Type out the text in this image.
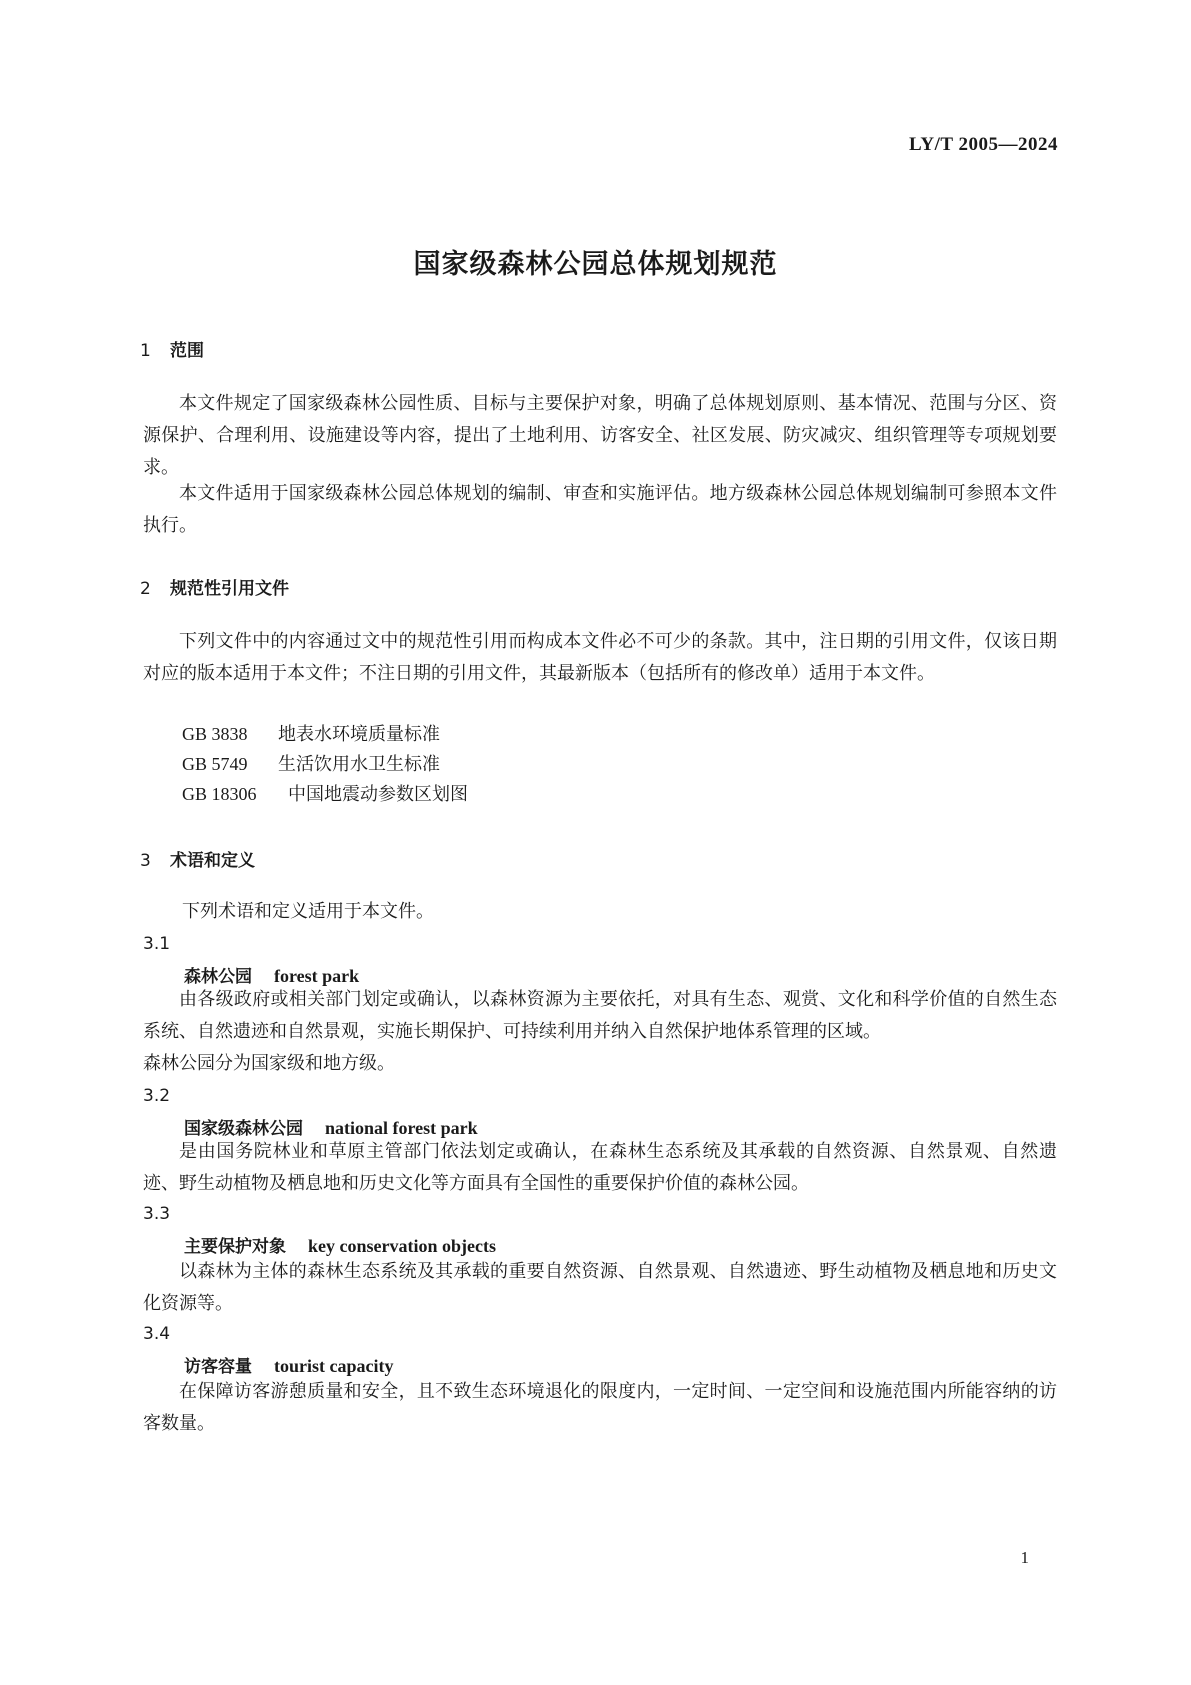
LY/T 2005—2024
国家级森林公园总体规划规范
1 范围
本文件规定了国家级森林公园性质、目标与主要保护对象，明确了总体规划原则、基本情况、范围与分区、资源保护、合理利用、设施建设等内容，提出了土地利用、访客安全、社区发展、防灾减灾、组织管理等专项规划要求。
本文件适用于国家级森林公园总体规划的编制、审查和实施评估。地方级森林公园总体规划编制可参照本文件执行。
2 规范性引用文件
下列文件中的内容通过文中的规范性引用而构成本文件必不可少的条款。其中，注日期的引用文件，仅该日期对应的版本适用于本文件；不注日期的引用文件，其最新版本（包括所有的修改单）适用于本文件。
GB 3838 地表水环境质量标准
GB 5749 生活饮用水卫生标准
GB 18306 中国地震动参数区划图
3 术语和定义
下列术语和定义适用于本文件。
3.1
森林公园 forest park
由各级政府或相关部门划定或确认，以森林资源为主要依托，对具有生态、观赏、文化和科学价值的自然生态系统、自然遗迹和自然景观，实施长期保护、可持续利用并纳入自然保护地体系管理的区域。
森林公园分为国家级和地方级。
3.2
国家级森林公园 national forest park
是由国务院林业和草原主管部门依法划定或确认，在森林生态系统及其承载的自然资源、自然景观、自然遗迹、野生动植物及栖息地和历史文化等方面具有全国性的重要保护价值的森林公园。
3.3
主要保护对象 key conservation objects
以森林为主体的森林生态系统及其承载的重要自然资源、自然景观、自然遗迹、野生动植物及栖息地和历史文化资源等。
3.4
访客容量 tourist capacity
在保障访客游憩质量和安全，且不致生态环境退化的限度内，一定时间、一定空间和设施范围内所能容纳的访客数量。
1
